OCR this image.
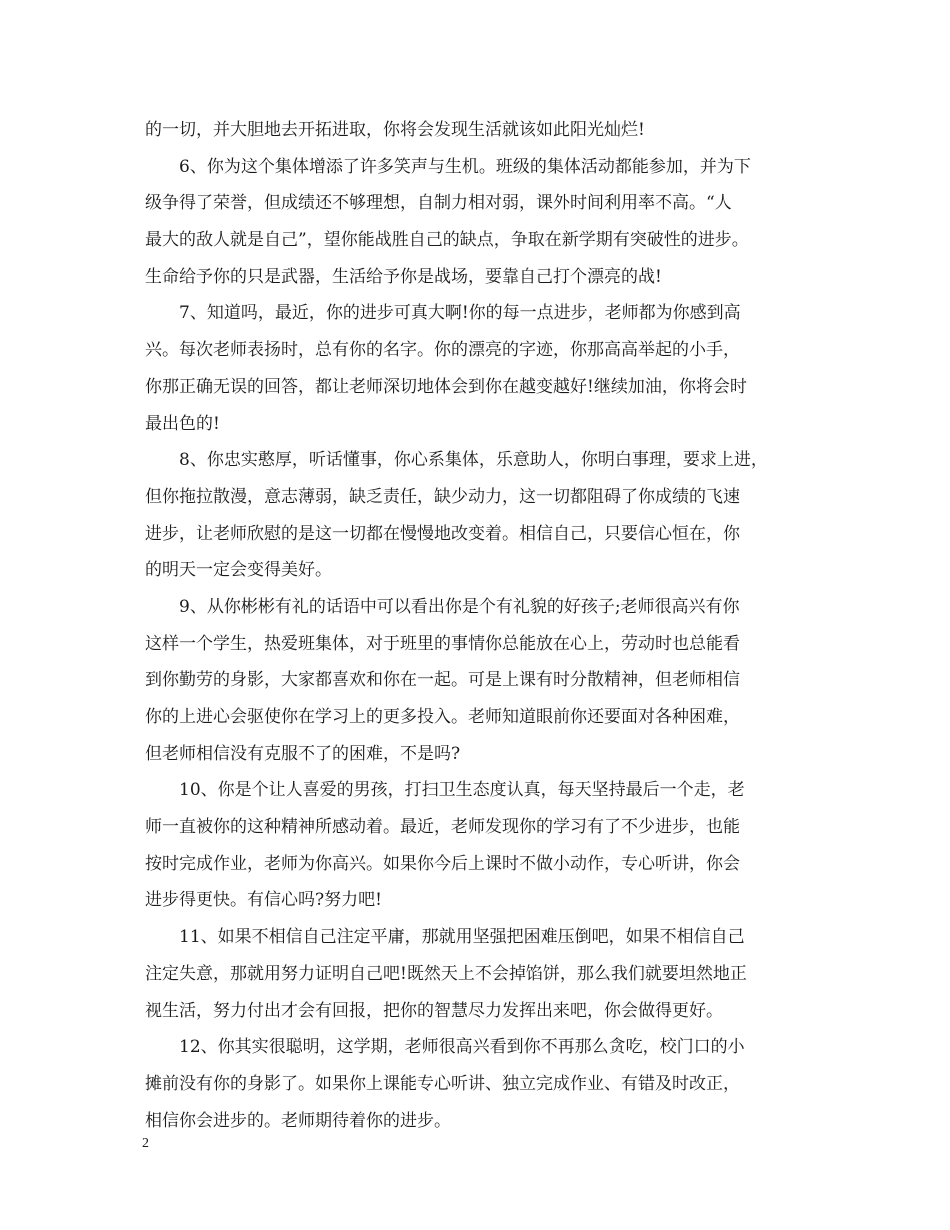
的一切，并大胆地去开拓进取，你将会发现生活就该如此阳光灿烂!
6、你为这个集体增添了许多笑声与生机。班级的集体活动都能参加，并为下
级争得了荣誉，但成绩还不够理想，自制力相对弱，课外时间利用率不高。“人
最大的敌人就是自己”，望你能战胜自己的缺点，争取在新学期有突破性的进步。
生命给予你的只是武器，生活给予你是战场，要靠自己打个漂亮的战!
7、知道吗，最近，你的进步可真大啊!你的每一点进步，老师都为你感到高
兴。每次老师表扬时，总有你的名字。你的漂亮的字迹，你那高高举起的小手，
你那正确无误的回答，都让老师深切地体会到你在越变越好!继续加油，你将会时
最出色的!
8、你忠实憨厚，听话懂事，你心系集体，乐意助人，你明白事理，要求上进，
但你拖拉散漫，意志薄弱，缺乏责任，缺少动力，这一切都阻碍了你成绩的飞速
进步，让老师欣慰的是这一切都在慢慢地改变着。相信自己，只要信心恒在，你
的明天一定会变得美好。
9、从你彬彬有礼的话语中可以看出你是个有礼貌的好孩子;老师很高兴有你
这样一个学生，热爱班集体，对于班里的事情你总能放在心上，劳动时也总能看
到你勤劳的身影，大家都喜欢和你在一起。可是上课有时分散精神，但老师相信
你的上进心会驱使你在学习上的更多投入。老师知道眼前你还要面对各种困难，
但老师相信没有克服不了的困难，不是吗?
10、你是个让人喜爱的男孩，打扫卫生态度认真，每天坚持最后一个走，老
师一直被你的这种精神所感动着。最近，老师发现你的学习有了不少进步，也能
按时完成作业，老师为你高兴。如果你今后上课时不做小动作，专心听讲，你会
进步得更快。有信心吗?努力吧!
11、如果不相信自己注定平庸，那就用坚强把困难压倒吧，如果不相信自己
注定失意，那就用努力证明自己吧!既然天上不会掉馅饼，那么我们就要坦然地正
视生活，努力付出才会有回报，把你的智慧尽力发挥出来吧，你会做得更好。
12、你其实很聪明，这学期，老师很高兴看到你不再那么贪吃，校门口的小
摊前没有你的身影了。如果你上课能专心听讲、独立完成作业、有错及时改正，
相信你会进步的。老师期待着你的进步。
2
